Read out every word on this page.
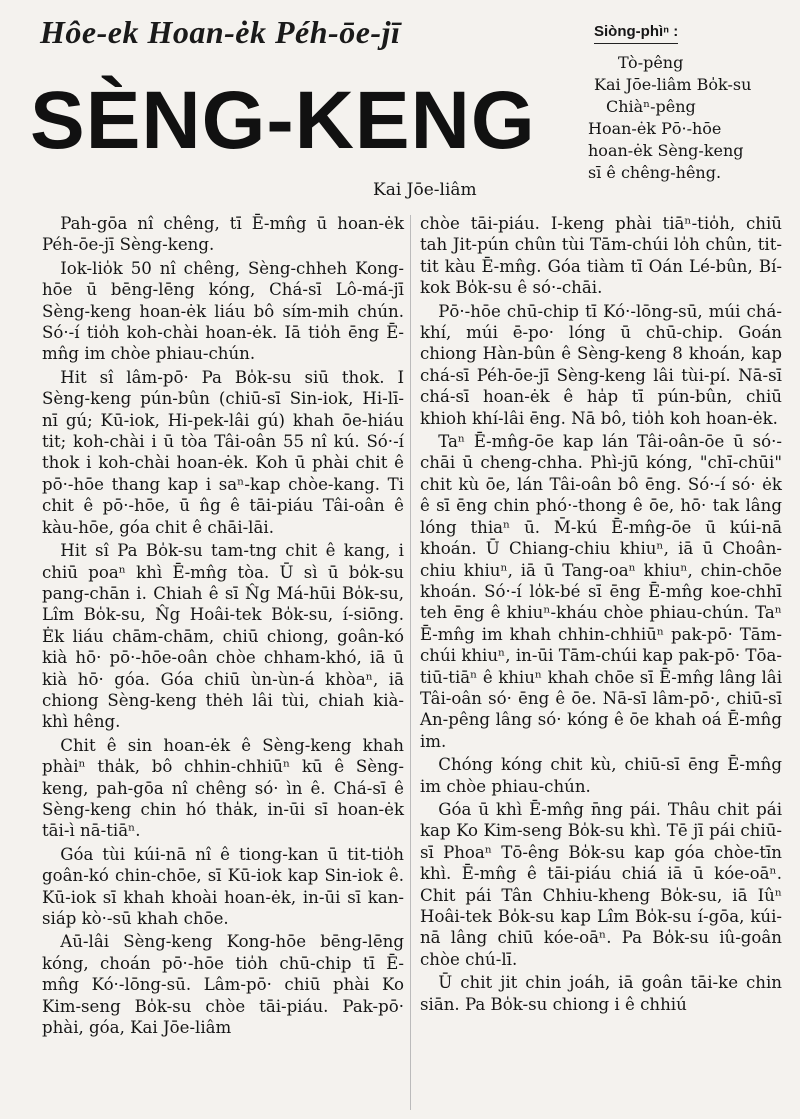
Hôe-ek Hoan-ėk Péh-ōe-jī
SÈNG-KENG
Kai Jōe-liâm
Siòng-phìⁿ :
Tò-pêng
Kai Jōe-liâm Bo̍k-su
Chiàⁿ-pêng
Hoan-ėk Pō·-hōe
hoan-ėk Sèng-keng
sī ê chêng-hêng.

Pah-gōa nî chêng, tī Ē-mn̂g ū hoan-ėk Péh-ōe-jī Sèng-keng.

Iok-lio̍k 50 nî chêng, Sèng-chheh Kong-hōe ū bēng-lēng kóng, Chá-sī Lô-má-jī Sèng-keng hoan-ėk liáu bô sím-mih chún. Só·-í tio̍h koh-chài hoan-ėk. Iā tio̍h ēng Ē-mn̂g im chòe phiau-chún.

Hit sî lâm-pō· Pa Bo̍k-su siū thok. I Sèng-keng pún-bûn (chiū-sī Sin-iok, Hi-lī-nī gú; Kū-iok, Hi-pek-lâi gú) khah ōe-hiáu tit; koh-chài i ū tòa Tâi-oân 55 nî kú. Só·-í thok i koh-chài hoan-ėk. Koh ū phài chit ê pō·-hōe thang kap i saⁿ-kap chòe-kang. Ti chit ê pō·-hōe, ū n̂g ê tāi-piáu Tâi-oân ê kàu-hōe, góa chit ê chāi-lāi.

Hit sî Pa Bo̍k-su tam-tng chit ê kang, i chiū poaⁿ khì Ē-mn̂g tòa. Ū sì ū bo̍k-su pang-chān i. Chiah ê sī N̂g Má-hūi Bo̍k-su, Lîm Bo̍k-su, N̂g Hoâi-tek Bo̍k-su, í-siōng. Ėk liáu chām-chām, chiū chiong, goân-kó kià hō· pō·-hōe-oân chòe chham-khó, iā ū kià hō· góa. Góa chiū ùn-ùn-á khòaⁿ, iā chiong Sèng-keng thėh lâi tùi, chiah kià-khì hêng.

Chit ê sin hoan-ėk ê Sèng-keng khah phàiⁿ tha̍k, bô chhin-chhiūⁿ kū ê Sèng-keng, pah-gōa nî chêng só· ìn ê. Chá-sī ê Sèng-keng chin hó tha̍k, in-ūi sī hoan-ėk tāi-ì nā-tiāⁿ.

Góa tùi kúi-nā nî ê tiong-kan ū tit-tio̍h goân-kó chin-chōe, sī Kū-iok kap Sin-iok ê. Kū-iok sī khah khoài hoan-ėk, in-ūi sī kan-siáp kò·-sū khah chōe.

Aū-lâi Sèng-keng Kong-hōe bēng-lēng kóng, choán pō·-hōe tio̍h chū-chip tī Ē-mn̂g Kó·-lōng-sū. Lâm-pō· chiū phài Ko Kim-seng Bo̍k-su chòe tāi-piáu. Pak-pō· phài, góa, Kai Jōe-liâm

chòe tāi-piáu. I-keng phài tiāⁿ-tio̍h, chiū tah Jit-pún chûn tùi Tām-chúi lo̍h chûn, tit-tit kàu Ē-mn̂g. Góa tiàm tī Oán Lé-bûn, Bí-kok Bo̍k-su ê só·-chāi.

Pō·-hōe chū-chip tī Kó·-lōng-sū, múi chá-khí, múi ē-po· lóng ū chū-chip. Goán chiong Hàn-bûn ê Sèng-keng 8 khoán, kap chá-sī Péh-ōe-jī Sèng-keng lâi tùi-pí. Nā-sī chá-sī hoan-ėk ê ha̍p tī pún-bûn, chiū khioh khí-lâi ēng. Nā bô, tio̍h koh hoan-ėk.

Taⁿ Ē-mn̂g-ōe kap lán Tâi-oân-ōe ū só·-chāi ū cheng-chha. Phì-jū kóng, "chī-chūi" chit kù ōe, lán Tâi-oân bô ēng. Só·-í só· ėk ê sī ēng chin phó·-thong ê ōe, hō· tak lâng lóng thiaⁿ ū. M̄-kú Ē-mn̂g-ōe ū kúi-nā khoán. Ū Chiang-chiu khiuⁿ, iā ū Choân-chiu khiuⁿ, iā ū Tang-oaⁿ khiuⁿ, chin-chōe khoán. Só·-í lo̍k-bé sī ēng Ē-mn̂g koe-chhī teh ēng ê khiuⁿ-kháu chòe phiau-chún. Taⁿ Ē-mn̂g im khah chhin-chhiūⁿ pak-pō· Tām-chúi khiuⁿ, in-ūi Tām-chúi kap pak-pō· Tōa-tiū-tiāⁿ ê khiuⁿ khah chōe sī Ē-mn̂g lâng lâi Tâi-oân só· ēng ê ōe. Nā-sī lâm-pō·, chiū-sī An-pêng lâng só· kóng ê ōe khah oá Ē-mn̂g im.

Chóng kóng chit kù, chiū-sī ēng Ē-mn̂g im chòe phiau-chún.

Góa ū khì Ē-mn̂g n̄ng pái. Thâu chit pái kap Ko Kim-seng Bo̍k-su khì. Tē jī pái chiū-sī Phoaⁿ Tō-êng Bo̍k-su kap góa chòe-tīn khì. Ē-mn̂g ê tāi-piáu chiá iā ū kóe-oāⁿ. Chit pái Tân Chhiu-kheng Bo̍k-su, iā Iûⁿ Hoâi-tek Bo̍k-su kap Lîm Bo̍k-su í-gōa, kúi-nā lâng chiū kóe-oāⁿ. Pa Bo̍k-su iû-goân chòe chú-lī.

Ū chit jit chin joáh, iā goân tāi-ke chin siān. Pa Bo̍k-su chiong i ê chhiú
